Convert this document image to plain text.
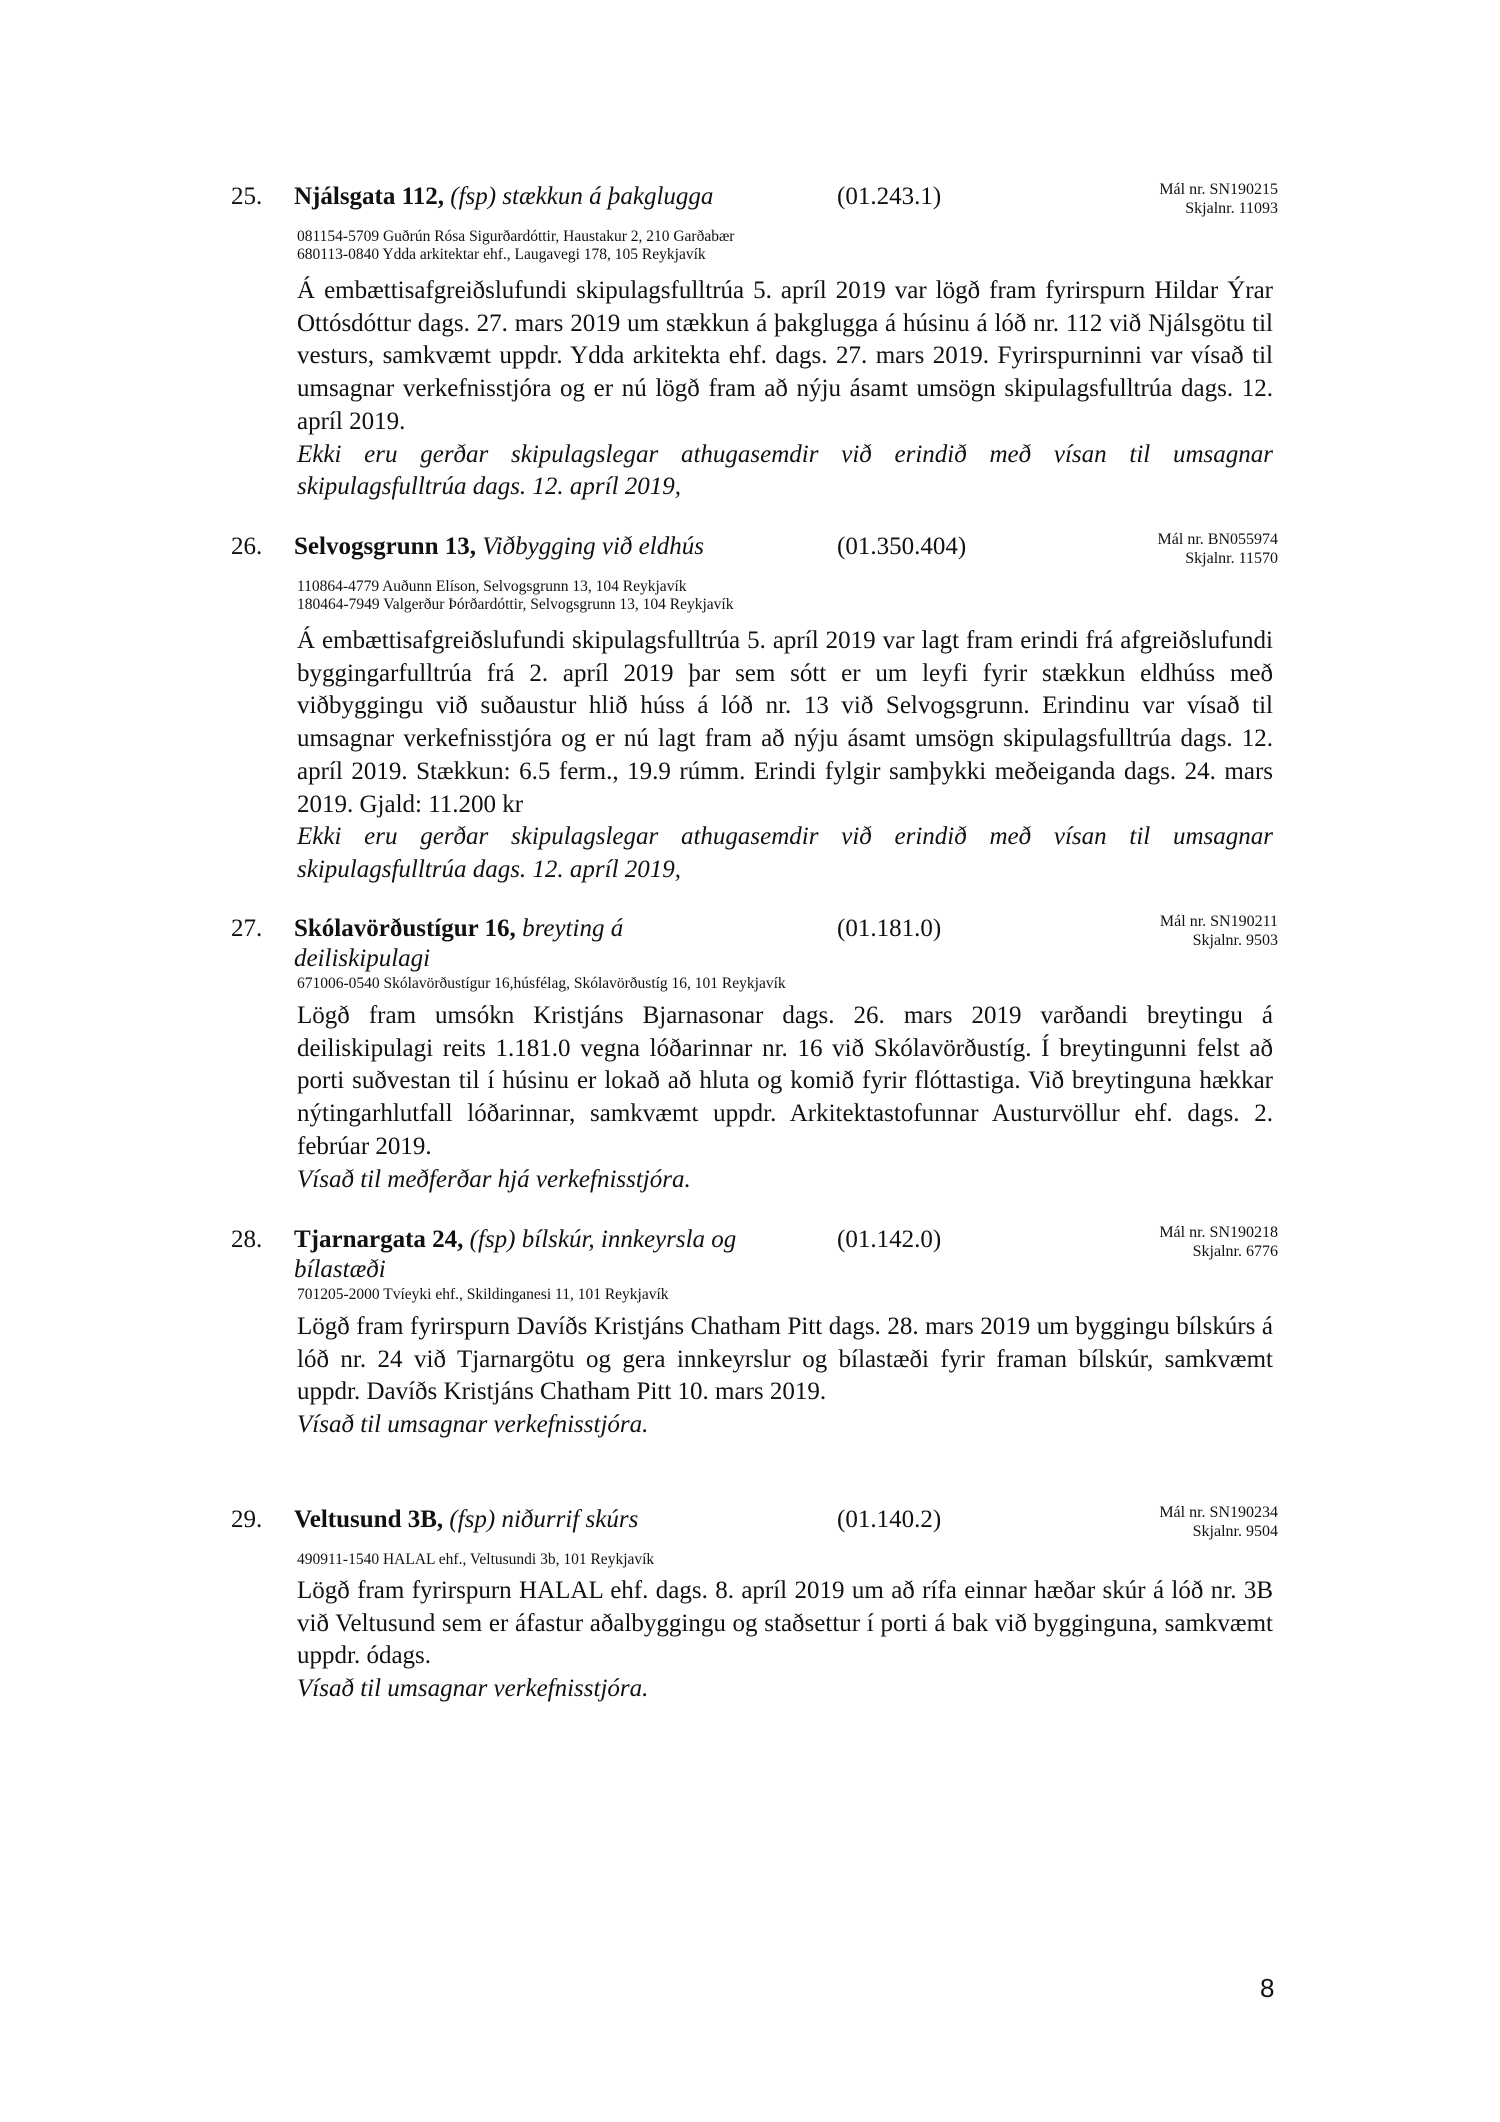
25. Njálsgata 112, (fsp) stækkun á þakglugga	(01.243.1)	Mál nr. SN190215
Skjalnr. 11093
081154-5709 Guðrún Rósa Sigurðardóttir, Haustakur 2, 210 Garðabær
680113-0840 Ydda arkitektar ehf., Laugavegi 178, 105 Reykjavík

Á embættisafgreiðslufundi skipulagsfulltrúa 5. apríl 2019 var lögð fram fyrirspurn Hildar Ýrar Ottósdóttur dags. 27. mars 2019 um stækkun á þakglugga á húsinu á lóð nr. 112 við Njálsgötu til vesturs, samkvæmt uppdr. Ydda arkitekta ehf. dags. 27. mars 2019. Fyrirspurninni var vísað til umsagnar verkefnisstjóra og er nú lögð fram að nýju ásamt umsögn skipulagsfulltrúa dags. 12. apríl 2019.

Ekki eru gerðar skipulagslegar athugasemdir við erindið með vísan til umsagnar skipulagsfulltrúa dags. 12. apríl 2019,

26. Selvogsgrunn 13, Viðbygging við eldhús	(01.350.404)	Mál nr. BN055974
Skjalnr. 11570
110864-4779 Auðunn Elíson, Selvogsgrunn 13, 104 Reykjavík
180464-7949 Valgerður Þórðardóttir, Selvogsgrunn 13, 104 Reykjavík

Á embættisafgreiðslufundi skipulagsfulltrúa 5. apríl 2019 var lagt fram erindi frá afgreiðslufundi byggingarfulltrúa frá 2. apríl 2019 þar sem sótt er um leyfi fyrir stækkun eldhúss með viðbyggingu við suðaustur hlið húss á lóð nr. 13 við Selvogsgrunn. Erindinu var vísað til umsagnar verkefnisstjóra og er nú lagt fram að nýju ásamt umsögn skipulagsfulltrúa dags. 12. apríl 2019. Stækkun: 6.5 ferm., 19.9 rúmm. Erindi fylgir samþykki meðeiganda dags. 24. mars 2019. Gjald: 11.200 kr

Ekki eru gerðar skipulagslegar athugasemdir við erindið með vísan til umsagnar skipulagsfulltrúa dags. 12. apríl 2019,

27. Skólavörðustígur 16, breyting á deiliskipulagi
(01.181.0)	Mál nr. SN190211
Skjalnr. 9503
671006-0540 Skólavörðustígur 16,húsfélag, Skólavörðustíg 16, 101 Reykjavík

Lögð fram umsókn Kristjáns Bjarnasonar dags. 26. mars 2019 varðandi breytingu á deiliskipulagi reits 1.181.0 vegna lóðarinnar nr. 16 við Skólavörðustíg. Í breytingunni felst að porti suðvestan til í húsinu er lokað að hluta og komið fyrir flóttastiga. Við breytinguna hækkar nýtingarhlutfall lóðarinnar, samkvæmt uppdr. Arkitektastofunnar Austurvöllur ehf. dags. 2. febrúar 2019.

Vísað til meðferðar hjá verkefnisstjóra.

28. Tjarnargata 24, (fsp) bílskúr, innkeyrsla og bílastæði
(01.142.0)	Mál nr. SN190218
Skjalnr. 6776
701205-2000 Tvíeyki ehf., Skildinganesi 11, 101 Reykjavík

Lögð fram fyrirspurn Davíðs Kristjáns Chatham Pitt dags. 28. mars 2019 um byggingu bílskúrs á lóð nr. 24 við Tjarnargötu og gera innkeyrslur og bílastæði fyrir framan bílskúr, samkvæmt uppdr. Davíðs Kristjáns Chatham Pitt 10. mars 2019.

Vísað til umsagnar verkefnisstjóra.

29. Veltusund 3B, (fsp) niðurrif skúrs	(01.140.2)	Mál nr. SN190234
Skjalnr. 9504
490911-1540 HALAL ehf., Veltusundi 3b, 101 Reykjavík

Lögð fram fyrirspurn HALAL ehf. dags. 8. apríl 2019 um að rífa einnar hæðar skúr á lóð nr. 3B við Veltusund sem er áfastur aðalbyggingu og staðsettur í porti á bak við bygginguna, samkvæmt uppdr. ódags.

Vísað til umsagnar verkefnisstjóra.

8
